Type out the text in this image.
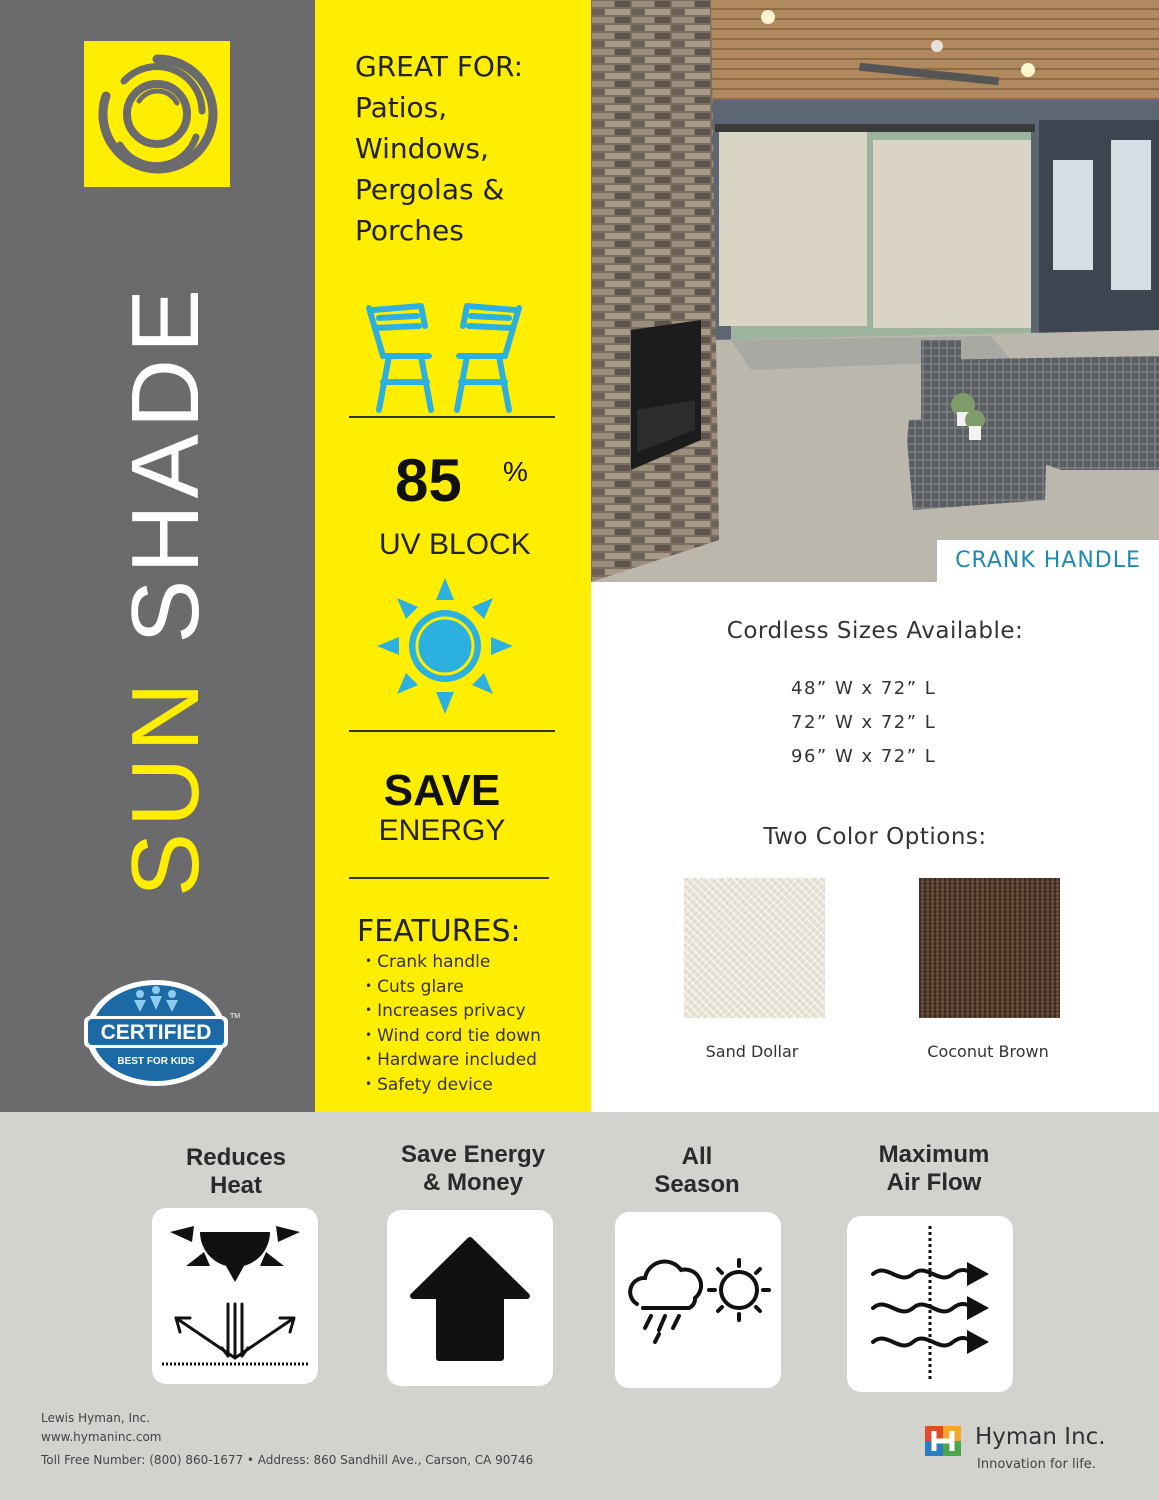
SUN SHADE
CERTIFIED
BEST FOR KIDS
TM
GREAT FOR:
Patios,
Windows,
Pergolas &
Porches
85 %
UV BLOCK
SAVE
ENERGY
FEATURES:
• Crank handle
• Cuts glare
• Increases privacy
• Wind cord tie down
• Hardware included
• Safety device
CRANK HANDLE
Cordless Sizes Available:
48” W x 72” L
72” W x 72” L
96” W x 72” L
Two Color Options:
Sand Dollar	Coconut Brown
Reduces
Heat
Save Energy
& Money
All
Season
Maximum
Air Flow
Lewis Hyman, Inc.
www.hymaninc.com
Toll Free Number: (800) 860-1677 • Address: 860 Sandhill Ave., Carson, CA 90746
Hyman Inc.
Innovation for life.
